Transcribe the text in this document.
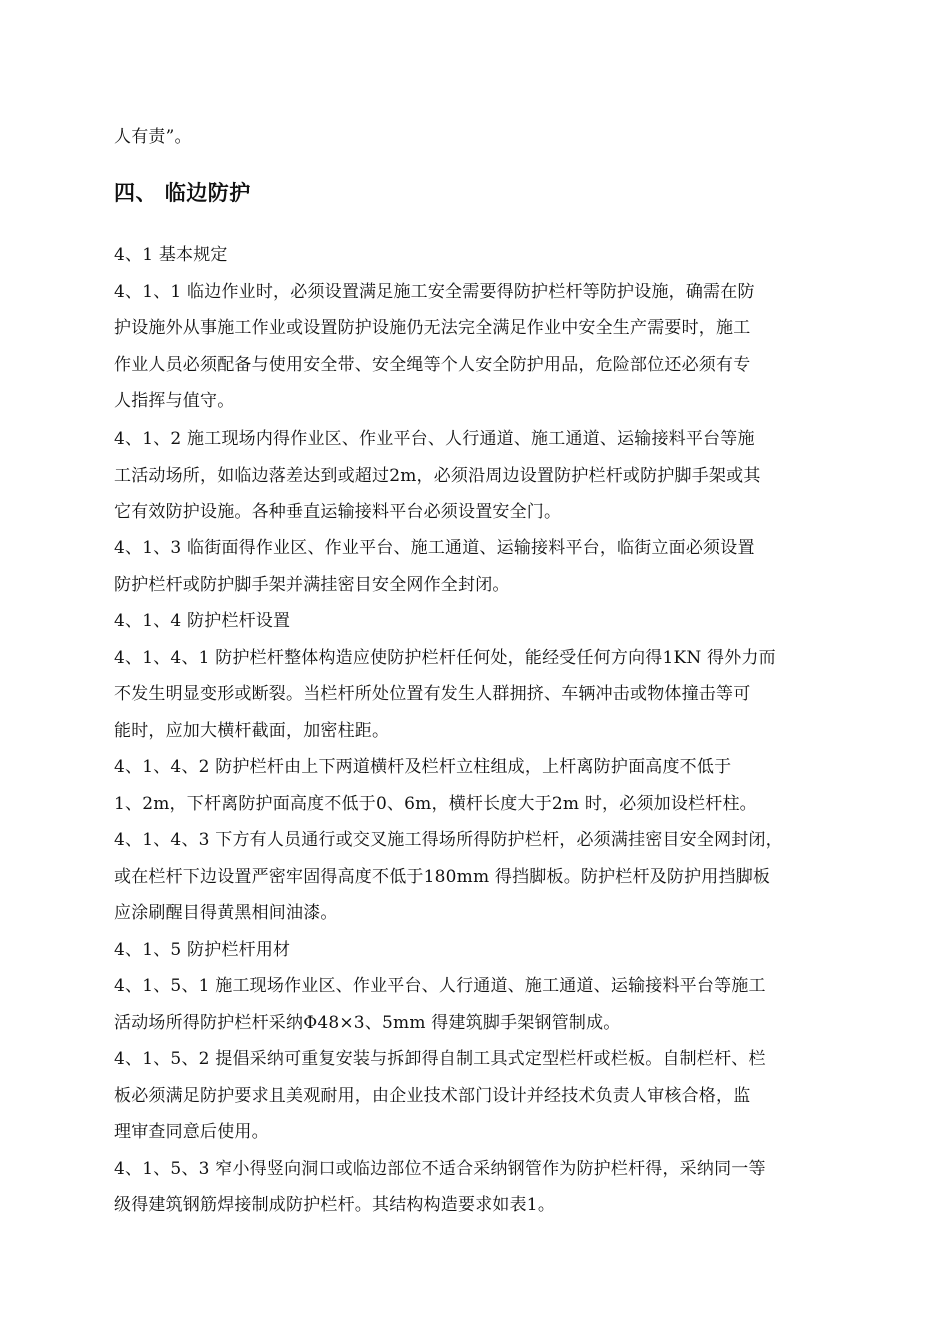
人有责”。
四、 临边防护
4、1 基本规定
4、1、1 临边作业时，必须设置满足施工安全需要得防护栏杆等防护设施，确需在防
护设施外从事施工作业或设置防护设施仍无法完全满足作业中安全生产需要时，施工
作业人员必须配备与使用安全带、安全绳等个人安全防护用品，危险部位还必须有专
人指挥与值守。
4、1、2 施工现场内得作业区、作业平台、人行通道、施工通道、运输接料平台等施
工活动场所，如临边落差达到或超过2m，必须沿周边设置防护栏杆或防护脚手架或其
它有效防护设施。各种垂直运输接料平台必须设置安全门。
4、1、3 临街面得作业区、作业平台、施工通道、运输接料平台，临街立面必须设置
防护栏杆或防护脚手架并满挂密目安全网作全封闭。
4、1、4 防护栏杆设置
4、1、4、1 防护栏杆整体构造应使防护栏杆任何处，能经受任何方向得1KN 得外力而
不发生明显变形或断裂。当栏杆所处位置有发生人群拥挤、车辆冲击或物体撞击等可
能时，应加大横杆截面，加密柱距。
4、1、4、2 防护栏杆由上下两道横杆及栏杆立柱组成，上杆离防护面高度不低于
1、2m，下杆离防护面高度不低于0、6m，横杆长度大于2m 时，必须加设栏杆柱。
4、1、4、3 下方有人员通行或交叉施工得场所得防护栏杆，必须满挂密目安全网封闭，
或在栏杆下边设置严密牢固得高度不低于180mm 得挡脚板。防护栏杆及防护用挡脚板
应涂刷醒目得黄黑相间油漆。
4、1、5 防护栏杆用材
4、1、5、1 施工现场作业区、作业平台、人行通道、施工通道、运输接料平台等施工
活动场所得防护栏杆采纳Φ48×3、5mm 得建筑脚手架钢管制成。
4、1、5、2 提倡采纳可重复安装与拆卸得自制工具式定型栏杆或栏板。自制栏杆、栏
板必须满足防护要求且美观耐用，由企业技术部门设计并经技术负责人审核合格，监
理审查同意后使用。
4、1、5、3 窄小得竖向洞口或临边部位不适合采纳钢管作为防护栏杆得，采纳同一等
级得建筑钢筋焊接制成防护栏杆。其结构构造要求如表1。
